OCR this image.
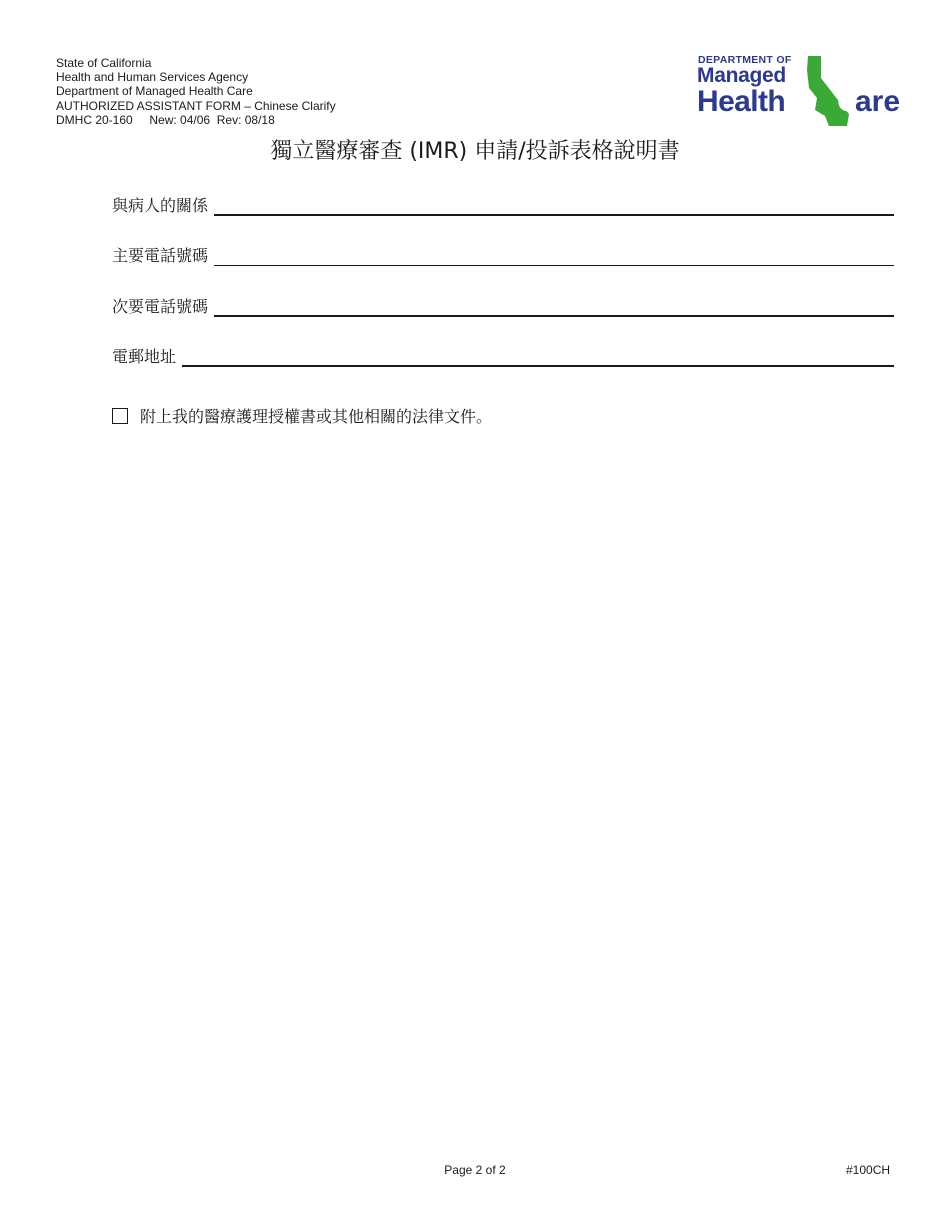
State of California
Health and Human Services Agency
Department of Managed Health Care
AUTHORIZED ASSISTANT FORM – Chinese Clarify
DMHC 20-160     New: 04/06  Rev: 08/18
DEPARTMENT OF
Managed
Health C
are
獨立醫療審查 (IMR) 申請/投訴表格說明書
與病人的關係
主要電話號碼
次要電話號碼
電郵地址
附上我的醫療護理授權書或其他相關的法律文件。
Page 2 of 2	#100CH
